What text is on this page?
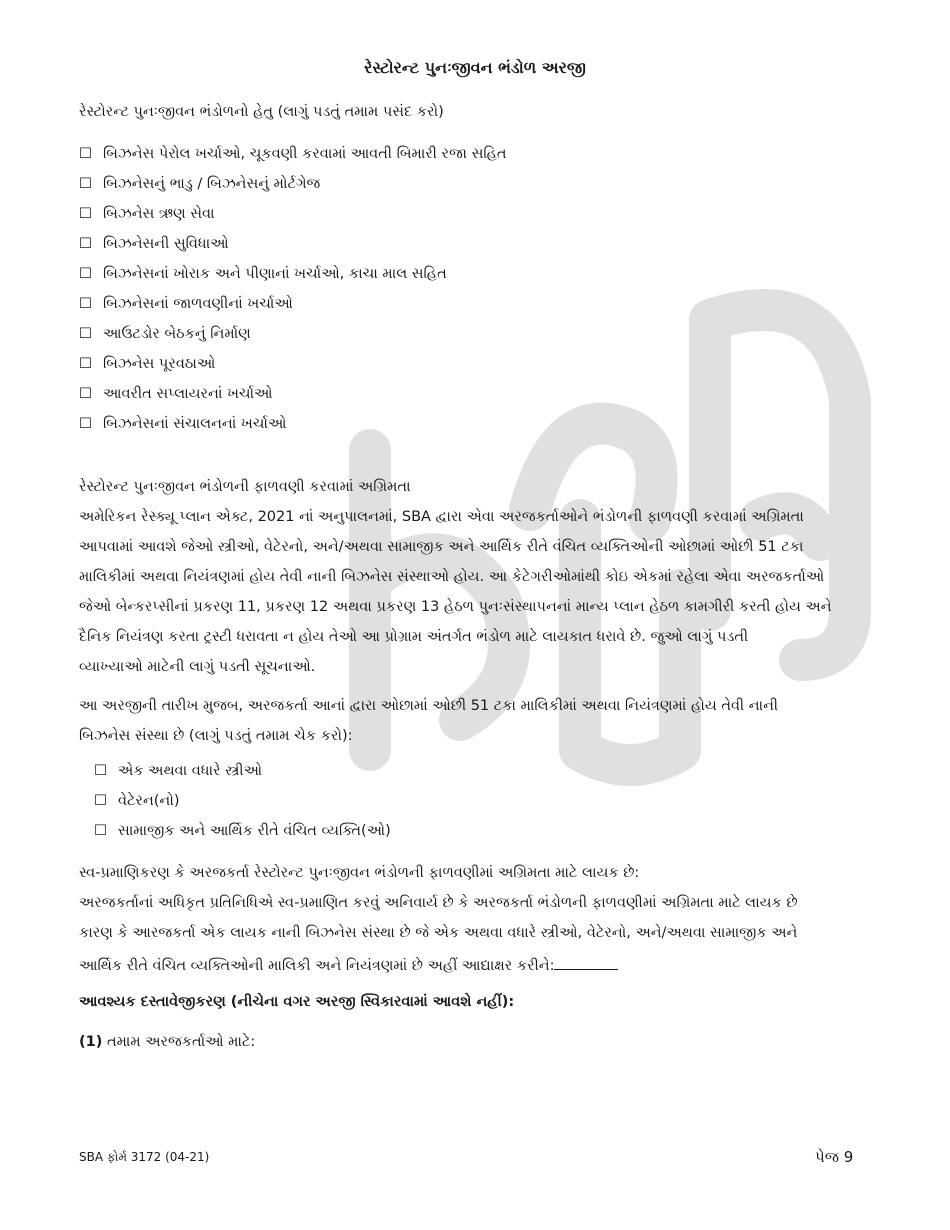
રેસ્ટોરન્ટ પુનઃજીવન ભંડોળ અરજી
રેસ્ટોરન્ટ પુનઃજીવન ભંડોળનો હેતુ (લાગું પડતું તમામ પસંદ કરો)
☐ બિઝનેસ પેરોલ ખર્ચાઓ, ચૂકવણી કરવામાં આવતી બિમારી રજા સહિત
☐ બિઝનેસનું ભાડુ / બિઝનેસનું મોર્ટગેજ
☐ બિઝનેસ ઋણ સેવા
☐ બિઝનેસની સુવિધાઓ
☐ બિઝનેસનાં ખોરાક અને પીણાનાં ખર્ચાઓ, કાચા માલ સહિત
☐ બિઝનેસનાં જાળવણીનાં ખર્ચાઓ
☐ આઉટડોર બેઠકનું નિર્માણ
☐ બિઝનેસ પૂરવઠાઓ
☐ આવરીત સપ્લાયરનાં ખર્ચાઓ
☐ બિઝનેસનાં સંચાલનનાં ખર્ચાઓ
રેસ્ટોરન્ટ પુનઃજીવન ભંડોળની ફાળવણી કરવામાં અગ્રિમતા
અમેરિકન રેસ્ક્યૂ પ્લાન એક્ટ, 2021 નાં અનુપાલનમાં, SBA દ્વારા એવા અરજકર્તાઓને ભંડોળની ફાળવણી કરવામાં અગ્રિમતા
આપવામાં આવશે જેઓ સ્ત્રીઓ, વેટેરનો, અને/અથવા સામાજીક અને આર્થિક રીતે વંચિત વ્યક્તિઓની ઓછામાં ઓછી 51 ટકા
માલિકીમાં અથવા નિયંત્રણમાં હોય તેવી નાની બિઝનેસ સંસ્થાઓ હોય. આ કેટેગરીઓમાંથી કોઇ એકમાં રહેલા એવા અરજકર્તાઓ
જેઓ બેન્કરપ્સીનાં પ્રકરણ 11, પ્રકરણ 12 અથવા પ્રકરણ 13 હેઠળ પુનઃસંસ્થાપનનાં માન્ય પ્લાન હેઠળ કામગીરી કરતી હોય અને
દૈનિક નિયંત્રણ કરતા ટ્રસ્ટી ધરાવતા ન હોય તેઓ આ પ્રોગ્રામ અંતર્ગત ભંડોળ માટે લાયકાત ધરાવે છે. જુઓ લાગું પડતી
વ્યાખ્યાઓ માટેની લાગું પડતી સૂચનાઓ.
આ અરજીની તારીખ મુજબ, અરજકર્તા આનાં દ્વારા ઓછામાં ઓછી 51 ટકા માલિકીમાં અથવા નિયંત્રણમાં હોય તેવી નાની
બિઝનેસ સંસ્થા છે (લાગું પડતું તમામ ચેક કરો):
☐ એક અથવા વધારે સ્ત્રીઓ
☐ વેટેરન(નો)
☐ સામાજીક અને આર્થિક રીતે વંચિત વ્યક્તિ(ઓ)
સ્વ-પ્રમાણિકરણ કે અરજકર્તા રેસ્ટોરન્ટ પુનઃજીવન ભંડોળની ફાળવણીમાં અગ્રિમતા માટે લાયક છે:
અરજકર્તાનાં અધિકૃત પ્રતિનિધિએ સ્વ-પ્રમાણિત કરવું અનિવાર્ય છે કે અરજકર્તા ભંડોળની ફાળવણીમાં અગ્રિમતા માટે લાયક છે
કારણ કે આરજકર્તા એક લાયક નાની બિઝનેસ સંસ્થા છે જે એક અથવા વધારે સ્ત્રીઓ, વેટેરનો, અને/અથવા સામાજીક અને
આર્થિક રીતે વંચિત વ્યક્તિઓની માલિકી અને નિયંત્રણમાં છે અહીં આદ્યાક્ષર કરીને:
આવશ્યક દસ્તાવેજીકરણ (નીચેના વગર અરજી સ્વિકારવામાં આવશે નહીં):
(1) તમામ અરજકર્તાઓ માટે:
SBA ફોર્મ 3172 (04-21)	પેજ 9
